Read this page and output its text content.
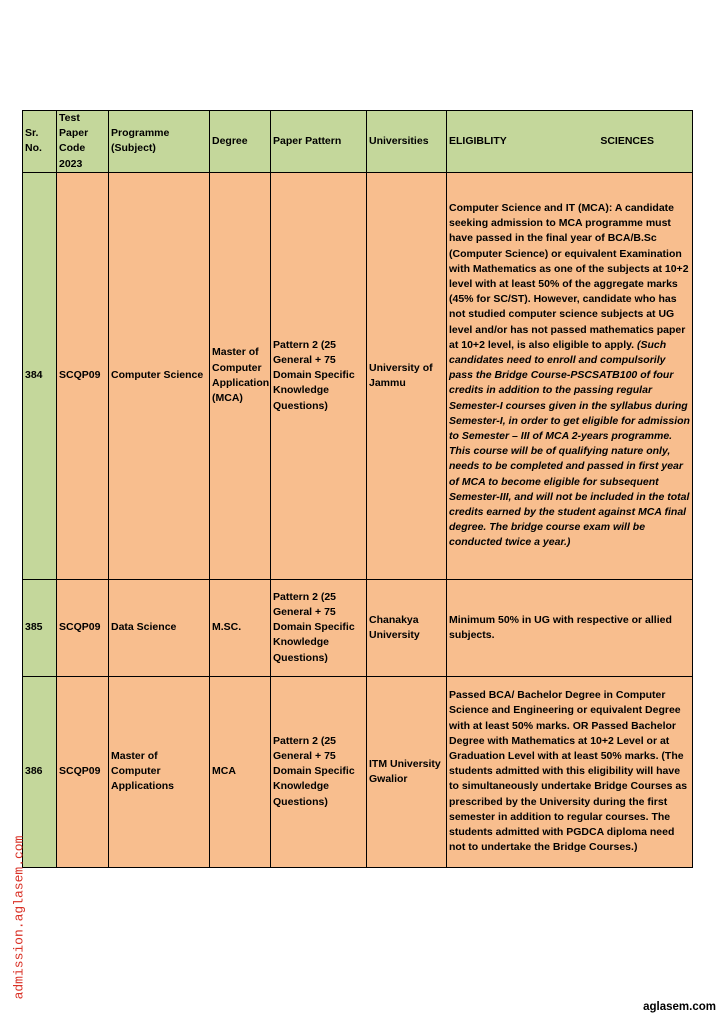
Sr. No.	Test Paper Code 2023	Programme (Subject)	Degree	Paper Pattern	Universities	ELIGIBLITY SCIENCES

384	SCQP09	Computer Science	Master of Computer Application (MCA)	Pattern 2 (25 General + 75 Domain Specific Knowledge Questions)	University of Jammu	Computer Science and IT (MCA): A candidate seeking admission to MCA programme must have passed in the final year of BCA/B.Sc (Computer Science) or equivalent Examination with Mathematics as one of the subjects at 10+2 level with at least 50% of the aggregate marks (45% for SC/ST). However, candidate who has not studied computer science subjects at UG level and/or has not passed mathematics paper at 10+2 level, is also eligible to apply. (Such candidates need to enroll and compulsorily pass the Bridge Course-PSCSATB100 of four credits in addition to the passing regular Semester-I courses given in the syllabus during Semester-I, in order to get eligible for admission to Semester – III of MCA 2-years programme. This course will be of qualifying nature only, needs to be completed and passed in first year of MCA to become eligible for subsequent Semester-III, and will not be included in the total credits earned by the student against MCA final degree. The bridge course exam will be conducted twice a year.)
385	SCQP09	Data Science	M.SC.	Pattern 2 (25 General + 75 Domain Specific Knowledge Questions)	Chanakya University	Minimum 50% in UG with respective or allied subjects.
386	SCQP09	Master of Computer Applications	MCA	Pattern 2 (25 General + 75 Domain Specific Knowledge Questions)	ITM University Gwalior	Passed BCA/ Bachelor Degree in Computer Science and Engineering or equivalent Degree with at least 50% marks. OR Passed Bachelor Degree with Mathematics at 10+2 Level or at Graduation Level with at least 50% marks. (The students admitted with this eligibility will have to simultaneously undertake Bridge Courses as prescribed by the University during the first semester in addition to regular courses. The students admitted with PGDCA diploma need not to undertake the Bridge Courses.)
admission.aglasem.com
aglasem.com
